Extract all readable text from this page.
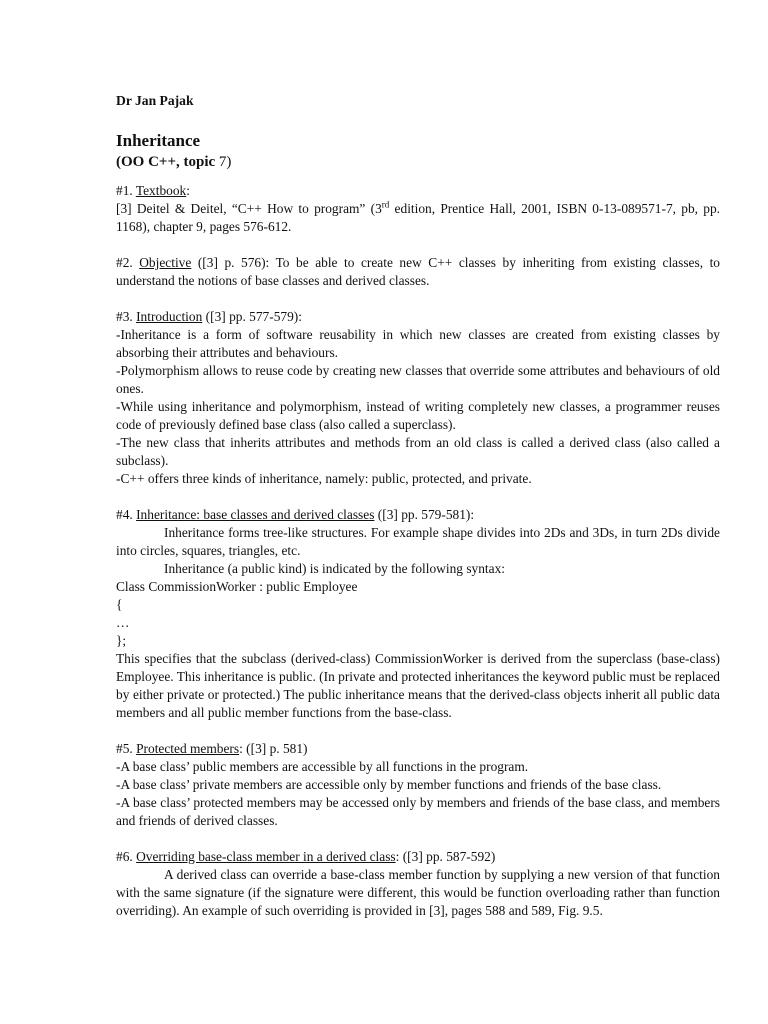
Dr Jan Pajak

Inheritance

(OO C++, topic 7)

#1. Textbook:

[3] Deitel & Deitel, “C++ How to program” (3rd edition, Prentice Hall, 2001, ISBN 0-13-089571-7, pb, pp. 1168), chapter 9, pages 576-612.

#2. Objective ([3] p. 576): To be able to create new C++ classes by inheriting from existing classes, to understand the notions of base classes and derived classes.

#3. Introduction ([3] pp. 577-579):

-Inheritance is a form of software reusability in which new classes are created from existing classes by absorbing their attributes and behaviours.

-Polymorphism allows to reuse code by creating new classes that override some attributes and behaviours of old ones.

-While using inheritance and polymorphism, instead of writing completely new classes, a programmer reuses code of previously defined base class (also called a superclass).

-The new class that inherits attributes and methods from an old class is called a derived class (also called a subclass).

-C++ offers three kinds of inheritance, namely: public, protected, and private.

#4. Inheritance: base classes and derived classes ([3] pp. 579-581):

Inheritance forms tree-like structures. For example shape divides into 2Ds and 3Ds, in turn 2Ds divide into circles, squares, triangles, etc.

Inheritance (a public kind) is indicated by the following syntax:

Class CommissionWorker : public Employee

{

…

};

This specifies that the subclass (derived-class) CommissionWorker is derived from the superclass (base-class) Employee. This inheritance is public. (In private and protected inheritances the keyword public must be replaced by either private or protected.) The public inheritance means that the derived-class objects inherit all public data members and all public member functions from the base-class.

#5. Protected members: ([3] p. 581)

-A base class’ public members are accessible by all functions in the program.

-A base class’ private members are accessible only by member functions and friends of the base class.

-A base class’ protected members may be accessed only by members and friends of the base class, and members and friends of derived classes.

#6. Overriding base-class member in a derived class: ([3] pp. 587-592)

A derived class can override a base-class member function by supplying a new version of that function with the same signature (if the signature were different, this would be function overloading rather than function overriding). An example of such overriding is provided in [3], pages 588 and 589, Fig. 9.5.
